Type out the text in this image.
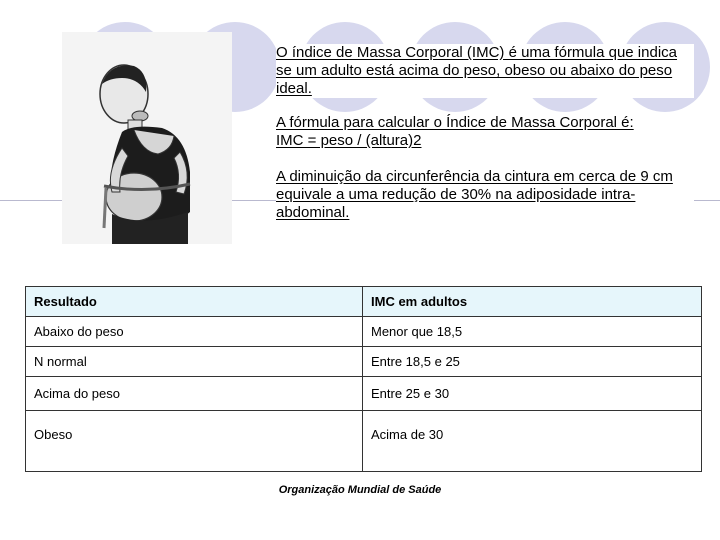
O índice de Massa Corporal (IMC) é uma fórmula que indica se um adulto está acima do peso, obeso ou abaixo do peso ideal.

A fórmula para calcular o Índice de Massa Corporal é:
IMC = peso / (altura)2

A diminuição da circunferência da cintura em cerca de 9 cm equivale a uma redução de 30% na adiposidade intra-abdominal.

Resultado	IMC em adultos
Abaixo do peso	Menor que 18,5
N normal	Entre 18,5 e 25
Acima do peso	Entre 25 e 30
Obeso	Acima de 30
Organização Mundial de Saúde
